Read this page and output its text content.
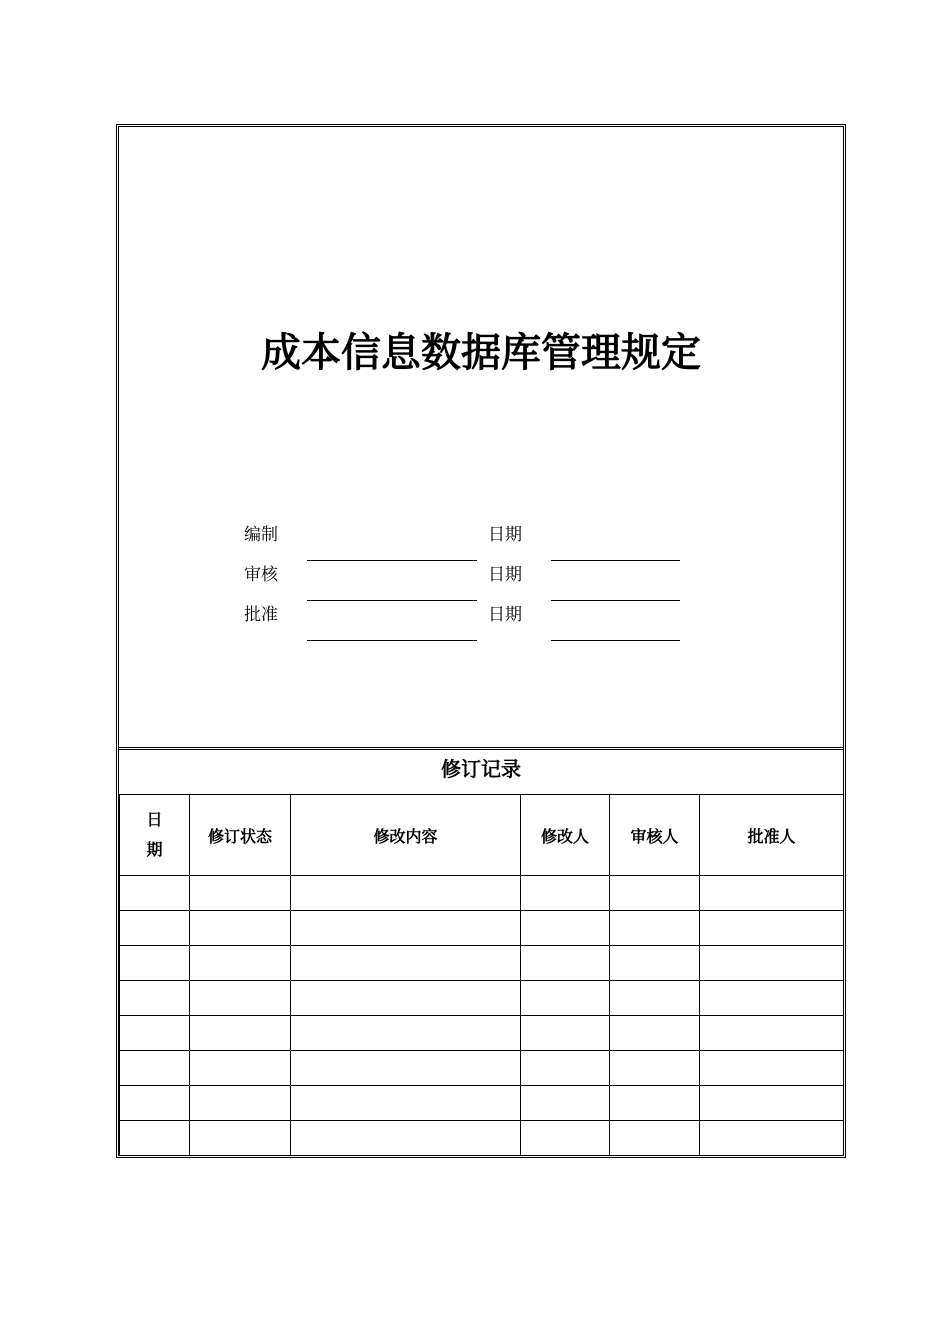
成本信息数据库管理规定
编制	日期
审核	日期
批准	日期
修订记录
日
期	修订状态	修改内容	修改人	审核人	批准人
